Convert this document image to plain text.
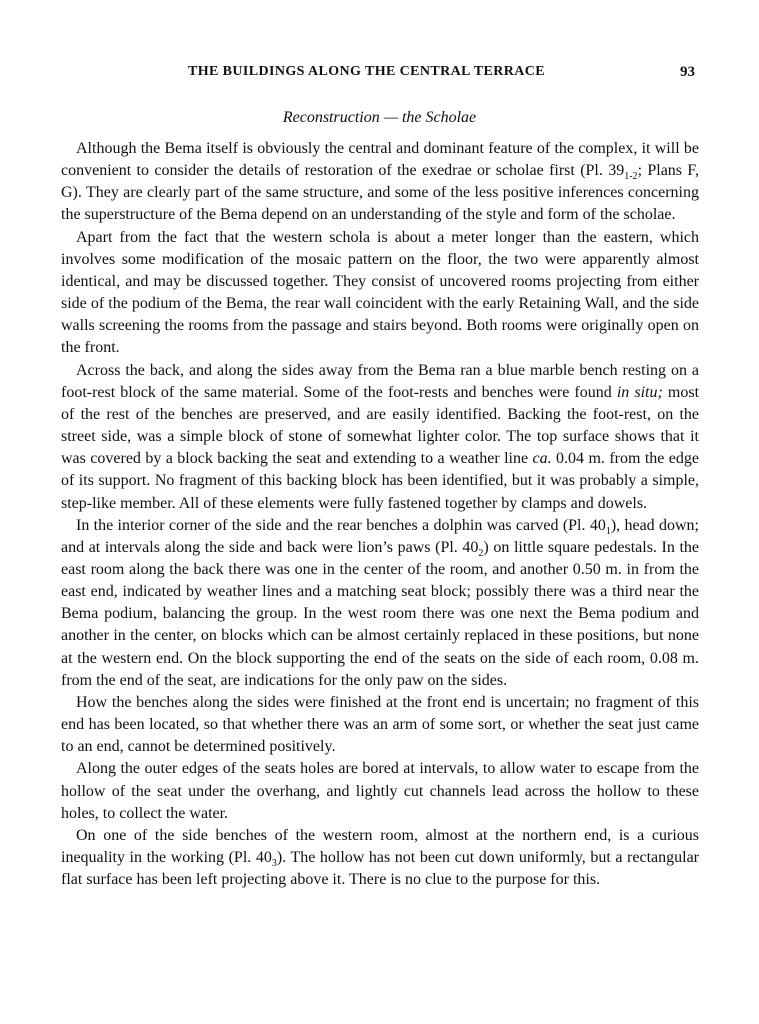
THE BUILDINGS ALONG THE CENTRAL TERRACE	93
Reconstruction — the Scholae

Although the Bema itself is obviously the central and dominant feature of the complex, it will be convenient to consider the details of restoration of the exedrae or scholae first (Pl. $39_{1-2}$; Plans F, G). They are clearly part of the same structure, and some of the less positive inferences concerning the superstructure of the Bema depend on an understanding of the style and form of the scholae.

Apart from the fact that the western schola is about a meter longer than the eastern, which involves some modification of the mosaic pattern on the floor, the two were apparently almost identical, and may be discussed together. They consist of uncovered rooms projecting from either side of the podium of the Bema, the rear wall coincident with the early Retaining Wall, and the side walls screening the rooms from the passage and stairs beyond. Both rooms were originally open on the front.

Across the back, and along the sides away from the Bema ran a blue marble bench resting on a foot-rest block of the same material. Some of the foot-rests and benches were found in situ; most of the rest of the benches are preserved, and are easily identified. Backing the foot-rest, on the street side, was a simple block of stone of somewhat lighter color. The top surface shows that it was covered by a block backing the seat and extending to a weather line ca. 0.04 m. from the edge of its support. No fragment of this backing block has been identified, but it was probably a simple, step-like member. All of these elements were fully fastened together by clamps and dowels.

In the interior corner of the side and the rear benches a dolphin was carved (Pl. $40_1$), head down; and at intervals along the side and back were lion’s paws (Pl. $40_2$) on little square pedestals. In the east room along the back there was one in the center of the room, and another 0.50 m. in from the east end, indicated by weather lines and a matching seat block; possibly there was a third near the Bema podium, balancing the group. In the west room there was one next the Bema podium and another in the center, on blocks which can be almost certainly replaced in these positions, but none at the western end. On the block supporting the end of the seats on the side of each room, 0.08 m. from the end of the seat, are indications for the only paw on the sides.

How the benches along the sides were finished at the front end is uncertain; no fragment of this end has been located, so that whether there was an arm of some sort, or whether the seat just came to an end, cannot be determined positively.

Along the outer edges of the seats holes are bored at intervals, to allow water to escape from the hollow of the seat under the overhang, and lightly cut channels lead across the hollow to these holes, to collect the water.

On one of the side benches of the western room, almost at the northern end, is a curious inequality in the working (Pl. $40_3$). The hollow has not been cut down uniformly, but a rectangular flat surface has been left projecting above it. There is no clue to the purpose for this.
